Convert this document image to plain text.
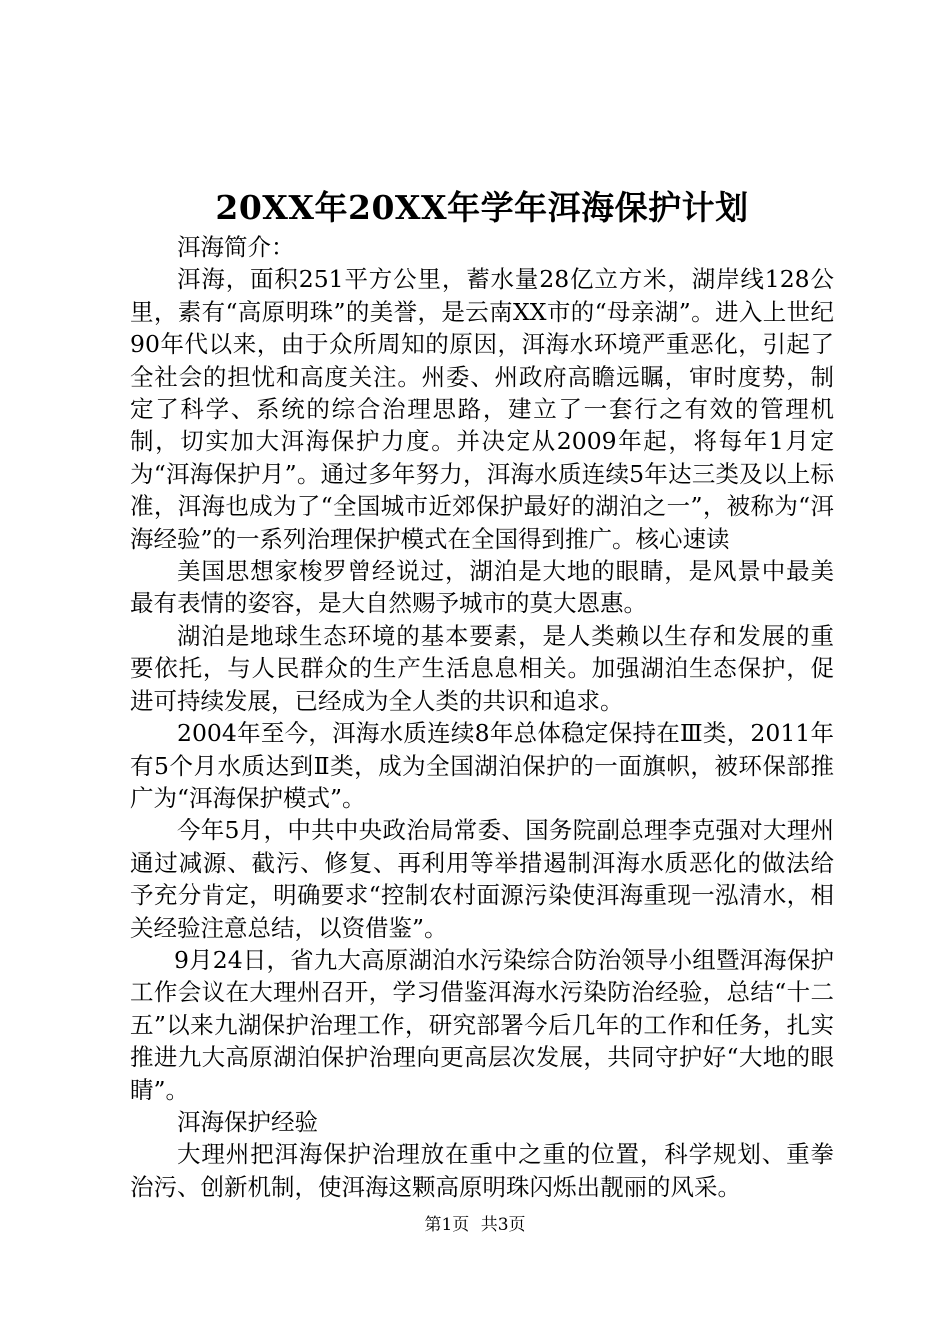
20XX年20XX年学年洱海保护计划

洱海简介：

洱海，面积251平方公里，蓄水量28亿立方米，湖岸线128公里，素有“高原明珠”的美誉，是云南XX市的“母亲湖”。进入上世纪90年代以来，由于众所周知的原因，洱海水环境严重恶化，引起了全社会的担忧和高度关注。州委、州政府高瞻远瞩，审时度势，制定了科学、系统的综合治理思路，建立了一套行之有效的管理机制，切实加大洱海保护力度。并决定从2009年起，将每年1月定为“洱海保护月”。通过多年努力，洱海水质连续5年达三类及以上标准，洱海也成为了“全国城市近郊保护最好的湖泊之一”，被称为“洱海经验”的一系列治理保护模式在全国得到推广。核心速读

美国思想家梭罗曾经说过，湖泊是大地的眼睛，是风景中最美最有表情的姿容，是大自然赐予城市的莫大恩惠。

湖泊是地球生态环境的基本要素，是人类赖以生存和发展的重要依托，与人民群众的生产生活息息相关。加强湖泊生态保护，促进可持续发展，已经成为全人类的共识和追求。

2004年至今，洱海水质连续8年总体稳定保持在Ⅲ类，2011年有5个月水质达到Ⅱ类，成为全国湖泊保护的一面旗帜，被环保部推广为“洱海保护模式”。

今年5月，中共中央政治局常委、国务院副总理李克强对大理州通过减源、截污、修复、再利用等举措遏制洱海水质恶化的做法给予充分肯定，明确要求“控制农村面源污染使洱海重现一泓清水，相关经验注意总结，以资借鉴”。

9月24日，省九大高原湖泊水污染综合防治领导小组暨洱海保护工作会议在大理州召开，学习借鉴洱海水污染防治经验，总结“十二五”以来九湖保护治理工作，研究部署今后几年的工作和任务，扎实推进九大高原湖泊保护治理向更高层次发展，共同守护好“大地的眼睛”。

洱海保护经验

大理州把洱海保护治理放在重中之重的位置，科学规划、重拳治污、创新机制，使洱海这颗高原明珠闪烁出靓丽的风采。

第1页 共3页
